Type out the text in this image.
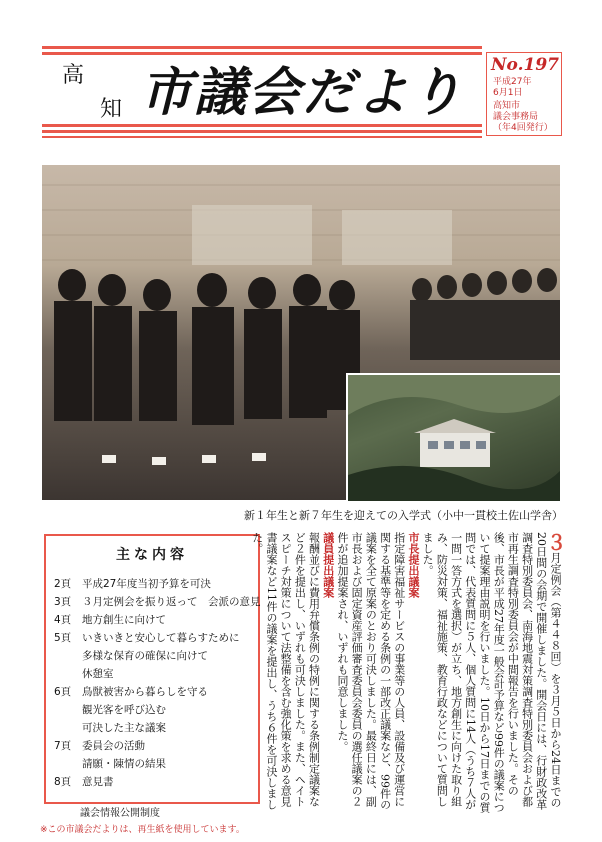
高
知 市議会だより No.197
平成27年
6月1日
高知市
議会事務局
（年4回発行）
新１年生と新７年生を迎えての入学式（小中一貫校土佐山学舎）
主な内容
2頁 平成27年度当初予算を可決
3頁 ３月定例会を振り返って　会派の意見
4頁 地方創生に向けて
5頁 いきいきと安心して暮らすために
多様な保育の確保に向けて
休憩室
6頁 鳥獣被害から暮らしを守る
観光客を呼び込む
可決した主な議案
7頁 委員会の活動
請願・陳情の結果
8頁 意見書
議会情報公開制度
※この市議会だよりは、再生紙を使用しています。
３月定例会（第４４８回）を３月５日から24日までの20日間の会期で開催しました。開会日には、行財政改革調査特別委員会、南海地震対策調査特別委員会および都市再生調査特別委員会が中間報告を行いました。その後、市長が平成27年度一般会計予算など99件の議案について提案理由説明を行いました。10日から17日までの質問では、代表質問に５人、個人質問に14人（うち７人が一問一答方式を選択）が立ち、地方創生に向けた取り組み、防災対策、福祉施策、教育行政などについて質問しました。
市長提出議案
指定障害福祉サービスの事業等の人員、設備及び運営に関する基準等を定める条例の一部改正議案など、99件の議案を全て原案のとおり可決しました。最終日には、副市長および固定資産評価審査委員会委員の選任議案の２件が追加提案され、いずれも同意しました。
議員提出議案
報酬並びに費用弁償条例の特例に関する条例制定議案など２件を提出し、いずれも可決しました。また、ヘイトスピーチ対策について法整備を含む強化策を求める意見書議案など11件の議案を提出し、うち６件を可決しました。
